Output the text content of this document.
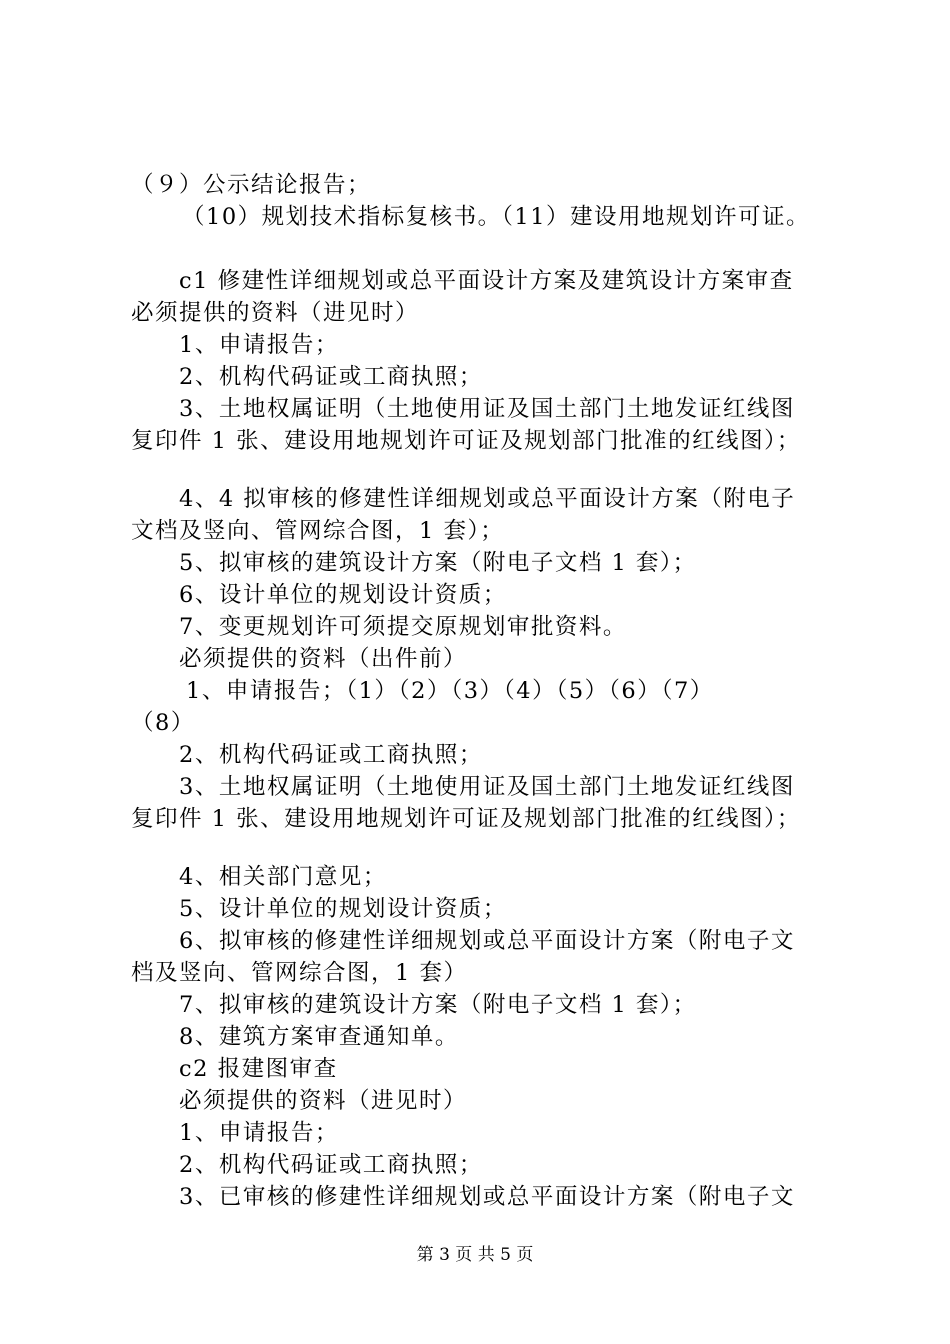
（９）公示结论报告；
（10）规划技术指标复核书。（11）建设用地规划许可证。
c1 修建性详细规划或总平面设计方案及建筑设计方案审查
必须提供的资料（进见时）
1、申请报告；
2、机构代码证或工商执照；
3、土地权属证明（土地使用证及国土部门土地发证红线图
复印件 1 张、建设用地规划许可证及规划部门批准的红线图）；
4、4 拟审核的修建性详细规划或总平面设计方案（附电子
文档及竖向、管网综合图，1 套）；
5、拟审核的建筑设计方案（附电子文档 1 套）；
6、设计单位的规划设计资质；
7、变更规划许可须提交原规划审批资料。
必须提供的资料（出件前）
1、申请报告；（1）（2）（3）（4）（5）（6）（7）
（8）
2、机构代码证或工商执照；
3、土地权属证明（土地使用证及国土部门土地发证红线图
复印件 1 张、建设用地规划许可证及规划部门批准的红线图）；
4、相关部门意见；
5、设计单位的规划设计资质；
6、拟审核的修建性详细规划或总平面设计方案（附电子文
档及竖向、管网综合图，1 套）
7、拟审核的建筑设计方案（附电子文档 1 套）；
8、建筑方案审查通知单。
c2 报建图审查
必须提供的资料（进见时）
1、申请报告；
2、机构代码证或工商执照；
3、已审核的修建性详细规划或总平面设计方案（附电子文
第 3 页 共 5 页
